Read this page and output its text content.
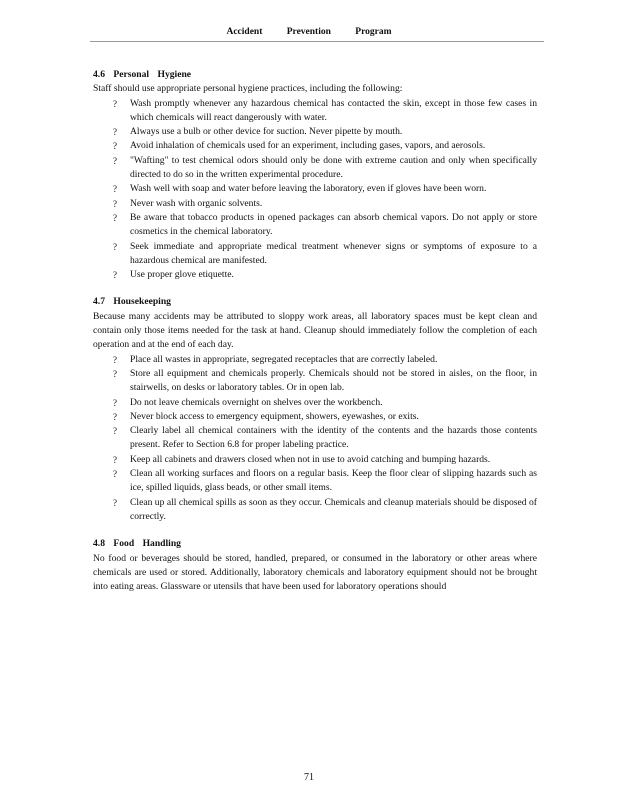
Accident Prevention Program
4.6 Personal Hygiene
Staff should use appropriate personal hygiene practices, including the following:
? Wash promptly whenever any hazardous chemical has contacted the skin, except in those few cases in which chemicals will react dangerously with water.
? Always use a bulb or other device for suction. Never pipette by mouth.
? Avoid inhalation of chemicals used for an experiment, including gases, vapors, and aerosols.
? "Wafting" to test chemical odors should only be done with extreme caution and only when specifically directed to do so in the written experimental procedure.
? Wash well with soap and water before leaving the laboratory, even if gloves have been worn.
? Never wash with organic solvents.
? Be aware that tobacco products in opened packages can absorb chemical vapors. Do not apply or store cosmetics in the chemical laboratory.
? Seek immediate and appropriate medical treatment whenever signs or symptoms of exposure to a hazardous chemical are manifested.
? Use proper glove etiquette.
4.7 Housekeeping
Because many accidents may be attributed to sloppy work areas, all laboratory spaces must be kept clean and contain only those items needed for the task at hand. Cleanup should immediately follow the completion of each operation and at the end of each day.
? Place all wastes in appropriate, segregated receptacles that are correctly labeled.
? Store all equipment and chemicals properly. Chemicals should not be stored in aisles, on the floor, in stairwells, on desks or laboratory tables. Or in open lab.
? Do not leave chemicals overnight on shelves over the workbench.
? Never block access to emergency equipment, showers, eyewashes, or exits.
? Clearly label all chemical containers with the identity of the contents and the hazards those contents present. Refer to Section 6.8 for proper labeling practice.
? Keep all cabinets and drawers closed when not in use to avoid catching and bumping hazards.
? Clean all working surfaces and floors on a regular basis. Keep the floor clear of slipping hazards such as ice, spilled liquids, glass beads, or other small items.
? Clean up all chemical spills as soon as they occur. Chemicals and cleanup materials should be disposed of correctly.
4.8 Food Handling
No food or beverages should be stored, handled, prepared, or consumed in the laboratory or other areas where chemicals are used or stored. Additionally, laboratory chemicals and laboratory equipment should not be brought into eating areas. Glassware or utensils that have been used for laboratory operations should
71
